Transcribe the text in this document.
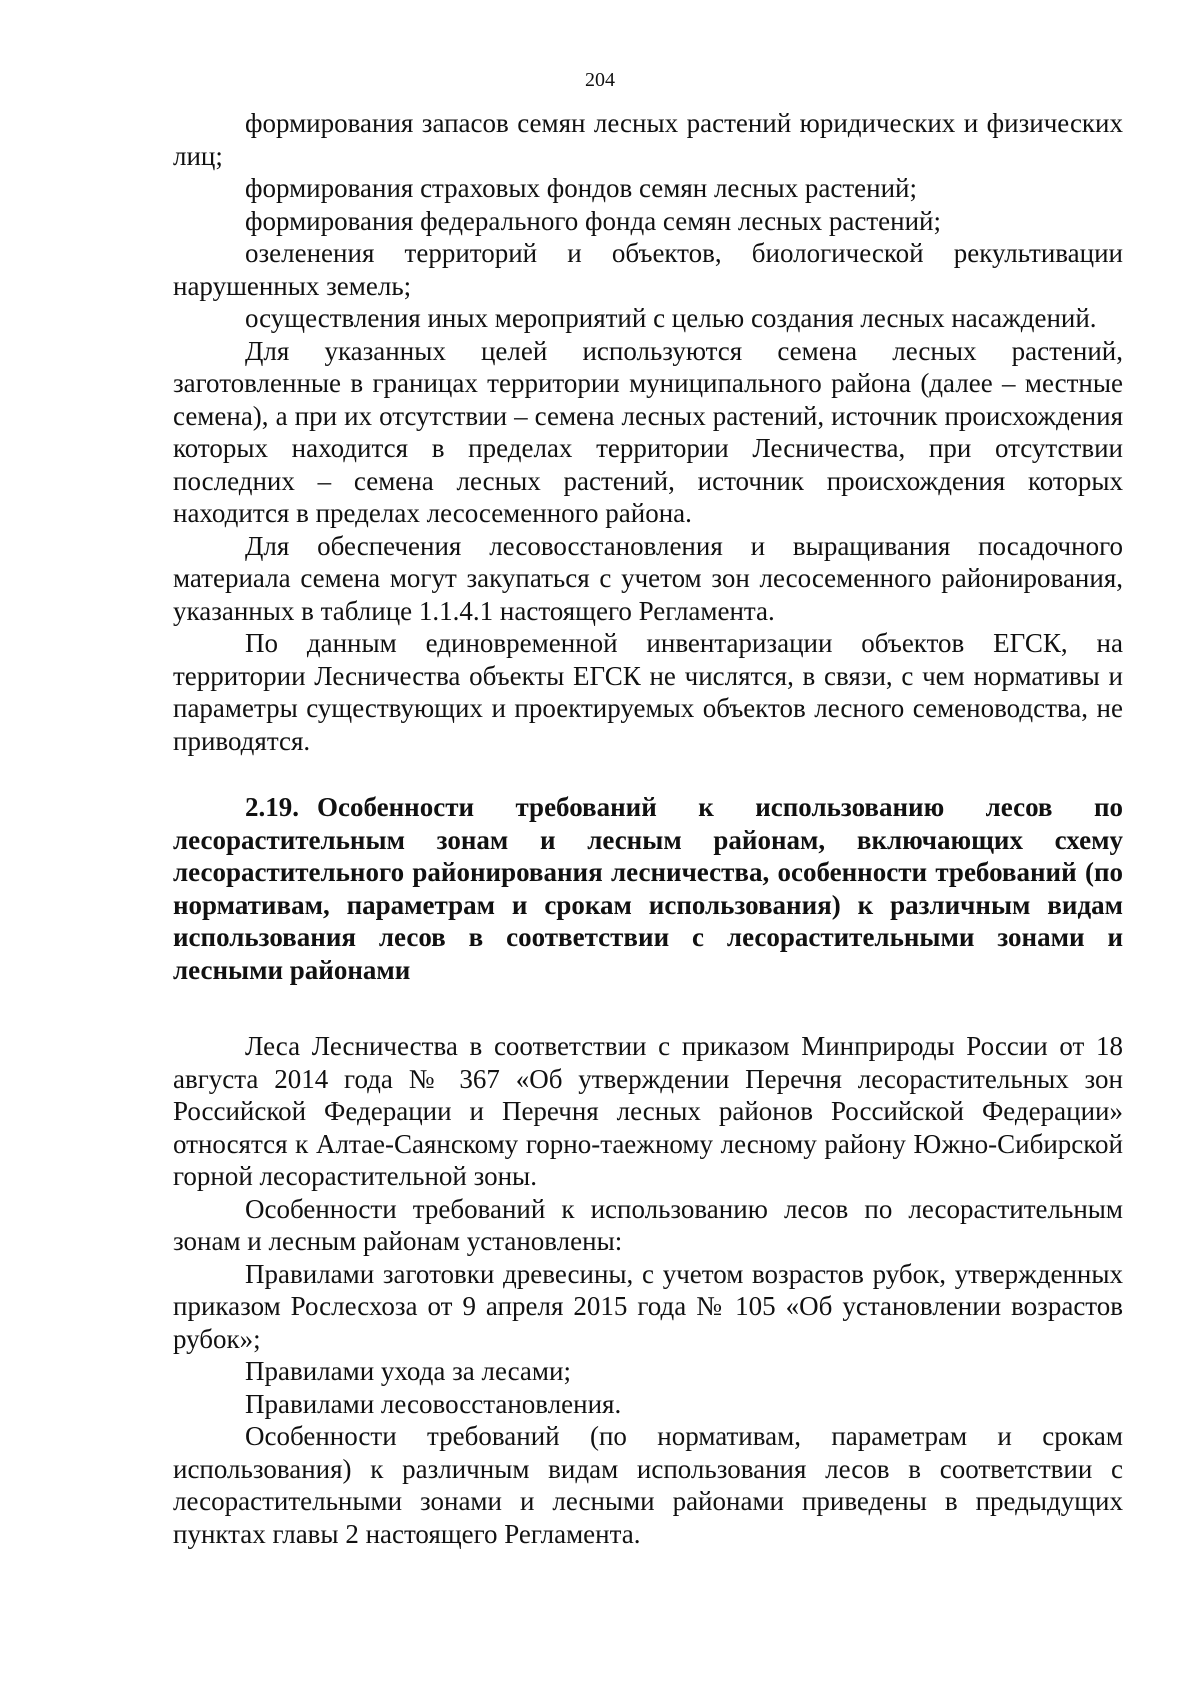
204

формирования запасов семян лесных растений юридических и физических лиц;

формирования страховых фондов семян лесных растений;

формирования федерального фонда семян лесных растений;

озеленения территорий и объектов, биологической рекультивации нарушенных земель;

осуществления иных мероприятий с целью создания лесных насаждений.

Для указанных целей используются семена лесных растений, заготовленные в границах территории муниципального района (далее – местные семена), а при их отсутствии – семена лесных растений, источник происхождения которых находится в пределах территории Лесничества, при отсутствии последних – семена лесных растений, источник происхождения которых находится в пределах лесосеменного района.

Для обеспечения лесовосстановления и выращивания посадочного материала семена могут закупаться с учетом зон лесосеменного районирования, указанных в таблице 1.1.4.1 настоящего Регламента.

По данным единовременной инвентаризации объектов ЕГСК, на территории Лесничества объекты ЕГСК не числятся, в связи, с чем нормативы и параметры существующих и проектируемых объектов лесного семеноводства, не приводятся.

2.19. Особенности требований к использованию лесов по лесорастительным зонам и лесным районам, включающих схему лесорастительного районирования лесничества, особенности требований (по нормативам, параметрам и срокам использования) к различным видам использования лесов в соответствии с лесорастительными зонами и лесными районами

Леса Лесничества в соответствии с приказом Минприроды России от 18 августа 2014 года № 367 «Об утверждении Перечня лесорастительных зон Российской Федерации и Перечня лесных районов Российской Федерации» относятся к Алтае-Саянскому горно-таежному лесному району Южно-Сибирской горной лесорастительной зоны.

Особенности требований к использованию лесов по лесорастительным зонам и лесным районам установлены:

Правилами заготовки древесины, с учетом возрастов рубок, утвержденных приказом Рослесхоза от 9 апреля 2015 года № 105 «Об установлении возрастов рубок»;

Правилами ухода за лесами;

Правилами лесовосстановления.

Особенности требований (по нормативам, параметрам и срокам использования) к различным видам использования лесов в соответствии с лесорастительными зонами и лесными районами приведены в предыдущих пунктах главы 2 настоящего Регламента.
